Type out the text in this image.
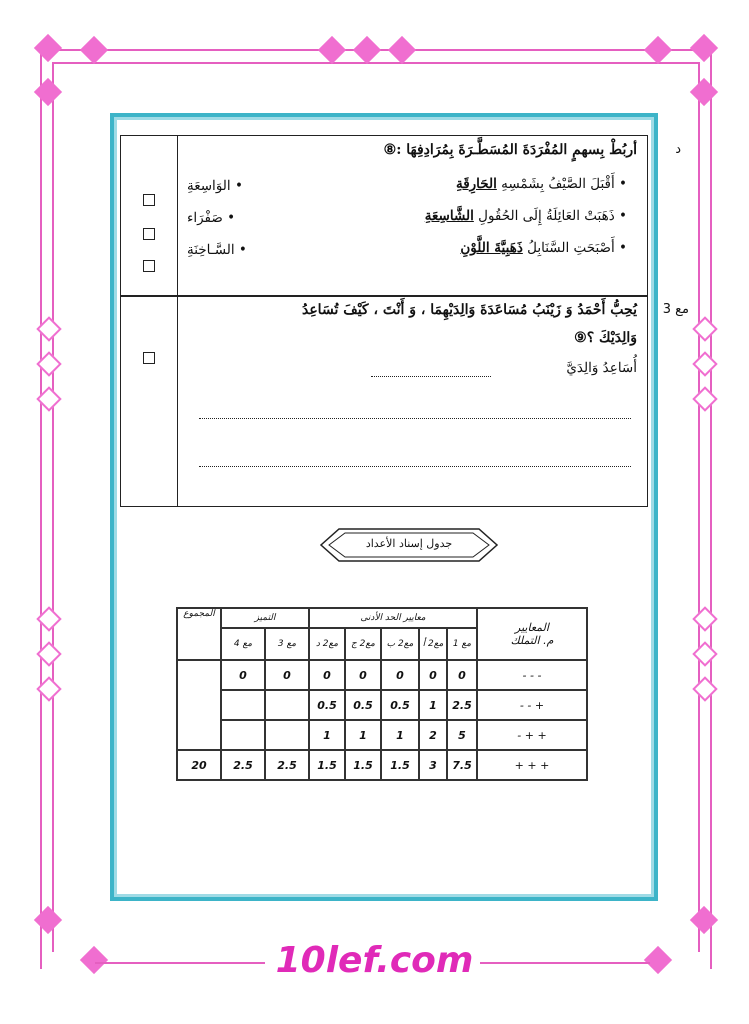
د
أربُطْ بِسهمٍ المُفْرَدَةَ المُسَطَّـرَةَ بِمُرَادِفِهَا :⑧
• أَقْبَلَ الصَّيْفُ بِشَمْسِهِ الحَارِقَةِ
• ذَهَبَتْ العَائِلَةُ إِلَى الحُقُولِ الشَّاسِعَةِ
• أَصْبَحَتِ السَّنَابِلُ ذَهَبِيَّةَ اللَّوْنِ
• الوَاسِعَةِ
• صَفْرَاء
• السَّـاخِنَةِ
مع 3
يُحِبُّ أَحْمَدُ وَ زَيْنَبُ مُسَاعَدَةَ وَالِدَيْهِمَا ، وَ أَنْتَ ، كَيْفَ تُسَاعِدُ
وَالِدَيْكَ ؟⑨
أُسَاعِدُ وَالِدَيَّ
جدول إسناد الأعداد
المعايير
م. التملك	معايير الحد الأدنى					التميز		المجموع
	مع 1	مع2 أ	مع2 ب	مع2 ج	مع2 د	مع 3	مع 4	
- - -	0	0	0	0	0	0	0	
+ - -	2.5	1	0.5	0.5	0.5			
+ + -	5	2	1	1	1			
+ + +	7.5	3	1.5	1.5	1.5	2.5	2.5	20
10lef.com
